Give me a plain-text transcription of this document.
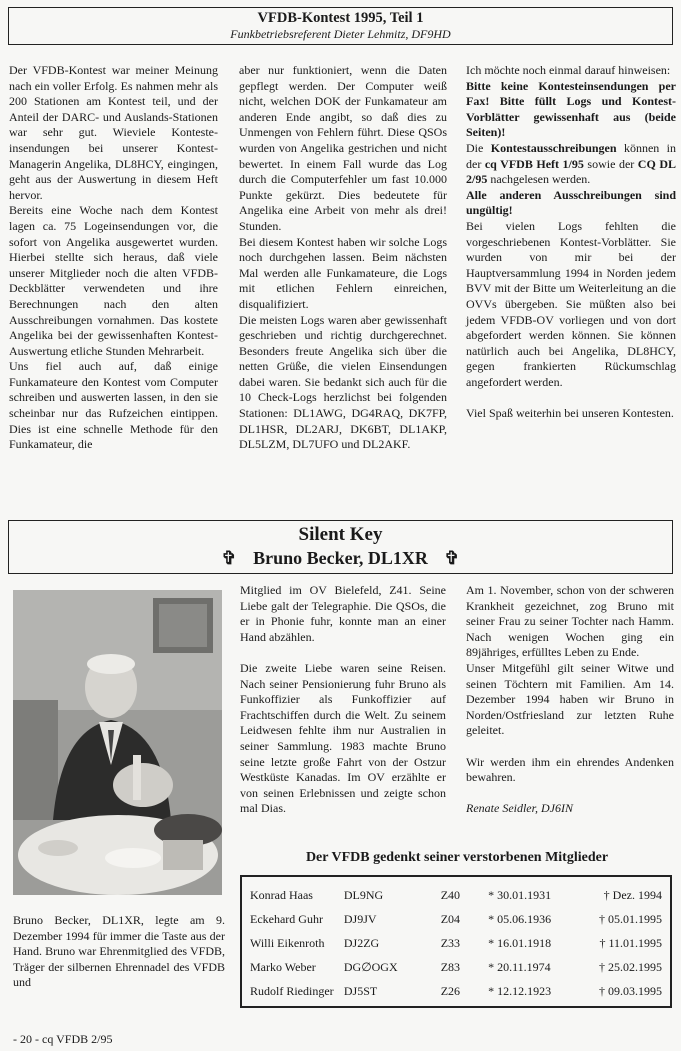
VFDB-Kontest 1995, Teil 1
Funkbetriebsreferent Dieter Lehmitz, DF9HD

Der VFDB-Kontest war meiner Meinung nach ein voller Erfolg. Es nahmen mehr als 200 Stationen am Kontest teil, und der Anteil der DARC- und Auslands-Stationen war sehr gut. Wieviele Kontesteinsendungen bei unserer Kontest-Managerin Angelika, DL8HCY, eingingen, geht aus der Auswertung in diesem Heft hervor.

Bereits eine Woche nach dem Kontest lagen ca. 75 Logeinsendungen vor, die sofort von Angelika ausgewertet wurden. Hierbei stellte sich heraus, daß viele unserer Mitglieder noch die alten VFDB-Deckblätter verwendeten und ihre Berechnungen nach den alten Ausschreibungen vornahmen. Das kostete Angelika bei der gewissenhaften Kontest-Auswertung etliche Stunden Mehrarbeit.

Uns fiel auch auf, daß einige Funkamateure den Kontest vom Computer schreiben und auswerten lassen, in den sie scheinbar nur das Rufzeichen eintippen. Dies ist eine schnelle Methode für den Funkamateur, die

aber nur funktioniert, wenn die Daten gepflegt werden. Der Computer weiß nicht, welchen DOK der Funkamateur am anderen Ende angibt, so daß dies zu Unmengen von Fehlern führt. Diese QSOs wurden von Angelika gestrichen und nicht bewertet. In einem Fall wurde das Log durch die Computerfehler um fast 10.000 Punkte gekürzt. Dies bedeutete für Angelika eine Arbeit von mehr als drei! Stunden.

Bei diesem Kontest haben wir solche Logs noch durchgehen lassen. Beim nächsten Mal werden alle Funkamateure, die Logs mit etlichen Fehlern einreichen, disqualifiziert.

Die meisten Logs waren aber gewissenhaft geschrieben und richtig durchgerechnet. Besonders freute Angelika sich über die netten Grüße, die vielen Einsendungen dabei waren. Sie bedankt sich auch für die 10 Check-Logs herzlichst bei folgenden Stationen: DL1AWG, DG4RAQ, DK7FP, DL1HSR, DL2ARJ, DK6BT, DL1AKP, DL5LZM, DL7UFO und DL2AKF.

Ich möchte noch einmal darauf hinweisen:

Bitte keine Kontesteinsendungen per Fax! Bitte füllt Logs und Kontest-Vorblätter gewissenhaft aus (beide Seiten)!

Die Kontestausschreibungen können in der cq VFDB Heft 1/95 sowie der CQ DL 2/95 nachgelesen werden.

Alle anderen Ausschreibungen sind ungültig!

Bei vielen Logs fehlten die vorgeschriebenen Kontest-Vorblätter. Sie wurden von mir bei der Hauptversammlung 1994 in Norden jedem BVV mit der Bitte um Weiterleitung an die OVVs übergeben. Sie müßten also bei jedem VFDB-OV vorliegen und von dort abgefordert werden können. Sie können natürlich auch bei Angelika, DL8HCY, gegen frankierten Rückumschlag angefordert werden.

Viel Spaß weiterhin bei unseren Kontesten.

Silent Key
✞ Bruno Becker, DL1XR ✞

Bruno Becker, DL1XR, legte am 9. Dezember 1994 für immer die Taste aus der Hand. Bruno war Ehrenmitglied des VFDB, Träger der silbernen Ehrennadel des VFDB und

Mitglied im OV Bielefeld, Z41. Seine Liebe galt der Telegraphie. Die QSOs, die er in Phonie fuhr, konnte man an einer Hand abzählen.

Die zweite Liebe waren seine Reisen. Nach seiner Pensionierung fuhr Bruno als Funkoffizier als Funkoffizier auf Frachtschiffen durch die Welt. Zu seinem Leidwesen fehlte ihm nur Australien in seiner Sammlung. 1983 machte Bruno seine letzte große Fahrt von der Ostzur Westküste Kanadas. Im OV erzählte er von seinen Erlebnissen und zeigte schon mal Dias.

Am 1. November, schon von der schweren Krankheit gezeichnet, zog Bruno mit seiner Frau zu seiner Tochter nach Hamm. Nach wenigen Wochen ging ein 89jähriges, erfülltes Leben zu Ende.

Unser Mitgefühl gilt seiner Witwe und seinen Töchtern mit Familien. Am 14. Dezember 1994 haben wir Bruno in Norden/Ostfriesland zur letzten Ruhe geleitet.

Wir werden ihm ein ehrendes Andenken bewahren.

Renate Seidler, DJ6IN

Der VFDB gedenkt seiner verstorbenen Mitglieder
Konrad Haas	DL9NG	Z40	* 30.01.1931	† Dez. 1994
Eckehard Guhr	DJ9JV	Z04	* 05.06.1936	† 05.01.1995
Willi Eikenroth	DJ2ZG	Z33	* 16.01.1918	† 11.01.1995
Marko Weber	DG∅OGX	Z83	* 20.11.1974	† 25.02.1995
Rudolf Riedinger DJ5ST	Z26	* 12.12.1923	† 09.03.1995
- 20 - cq VFDB 2/95
